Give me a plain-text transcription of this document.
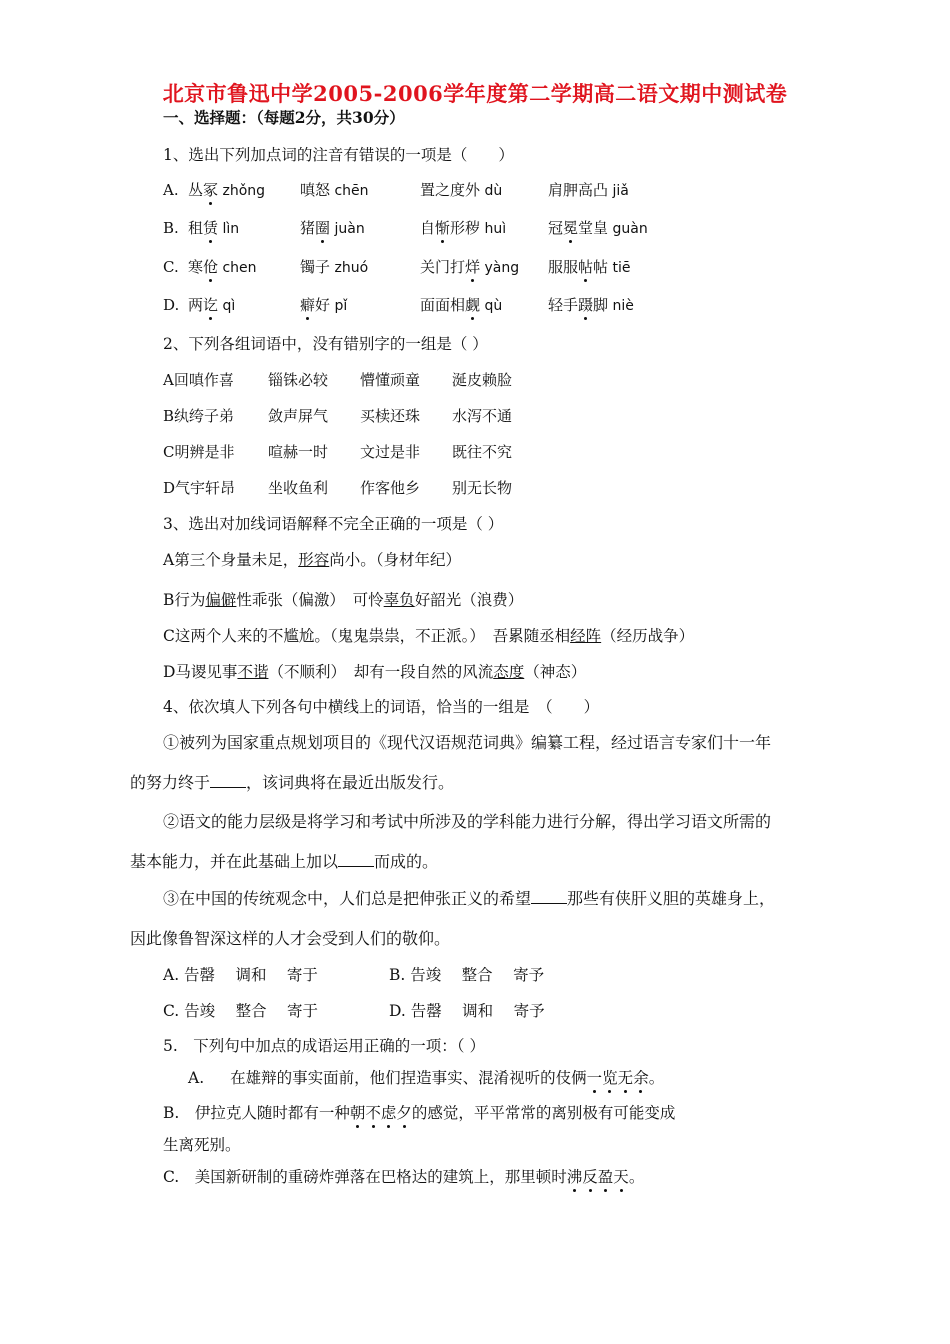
北京市鲁迅中学2005-2006学年度第二学期高二语文期中测试卷
一、选择题：（每题2分，共30分）
1、选出下列加点词的注音有错误的一项是（　　）
A. 丛冢 zhǒng 嗔怒 chēn	置之度外 dù	肩胛高凸 jiǎ
B. 租赁 lìn	猪圈 juàn	自惭形秽 huì	冠冕堂皇 guàn
C. 寒伧 chen	镯子 zhuó	关门打烊 yàng 服服帖帖 tiē
D. 两讫 qì	癖好 pǐ	面面相觑 qù	轻手蹑脚 niè
2、下列各组词语中，没有错别字的一组是（ ）
A回嗔作喜 锱铢必较 懵懂顽童 涎皮赖脸
B纨绔子弟 敛声屏气 买椟还珠 水泻不通
C明辨是非 喧赫一时 文过是非 既往不究
D气宇轩昂 坐收鱼利 作客他乡 别无长物
3、选出对加线词语解释不完全正确的一项是（ ）
A第三个身量未足，形容尚小。（身材年纪）
B行为偏僻性乖张（偏激）　可怜辜负好韶光（浪费）
C这两个人来的不尴尬。（鬼鬼祟祟，不正派。）　吾累随丞相经阵（经历战争）
D马谡见事不谐（不顺利）　却有一段自然的风流态度（神态）
4、依次填人下列各句中横线上的词语，恰当的一组是　（　　）
①被列为国家重点规划项目的《现代汉语规范词典》编纂工程，经过语言专家们十一年
的努力终于 ，该词典将在最近出版发行。
②语文的能力层级是将学习和考试中所涉及的学科能力进行分解，得出学习语文所需的
基本能力，并在此基础上加以 而成的。
③在中国的传统观念中，人们总是把伸张正义的希望 那些有侠肝义胆的英雄身上，
因此像鲁智深这样的人才会受到人们的敬仰。
A. 告罄　 调和　 寄于	B. 告竣　 整合　 寄予
C. 告竣　 整合　 寄于	D. 告罄　 调和　 寄予
5.　下列句中加点的成语运用正确的一项：（ ）
A. 在雄辩的事实面前，他们捏造事实、混淆视听的伎俩一览无余。
B.　伊拉克人随时都有一种朝不虑夕的感觉，平平常常的离别极有可能变成
生离死别。
C.　美国新研制的重磅炸弹落在巴格达的建筑上，那里顿时沸反盈天。
